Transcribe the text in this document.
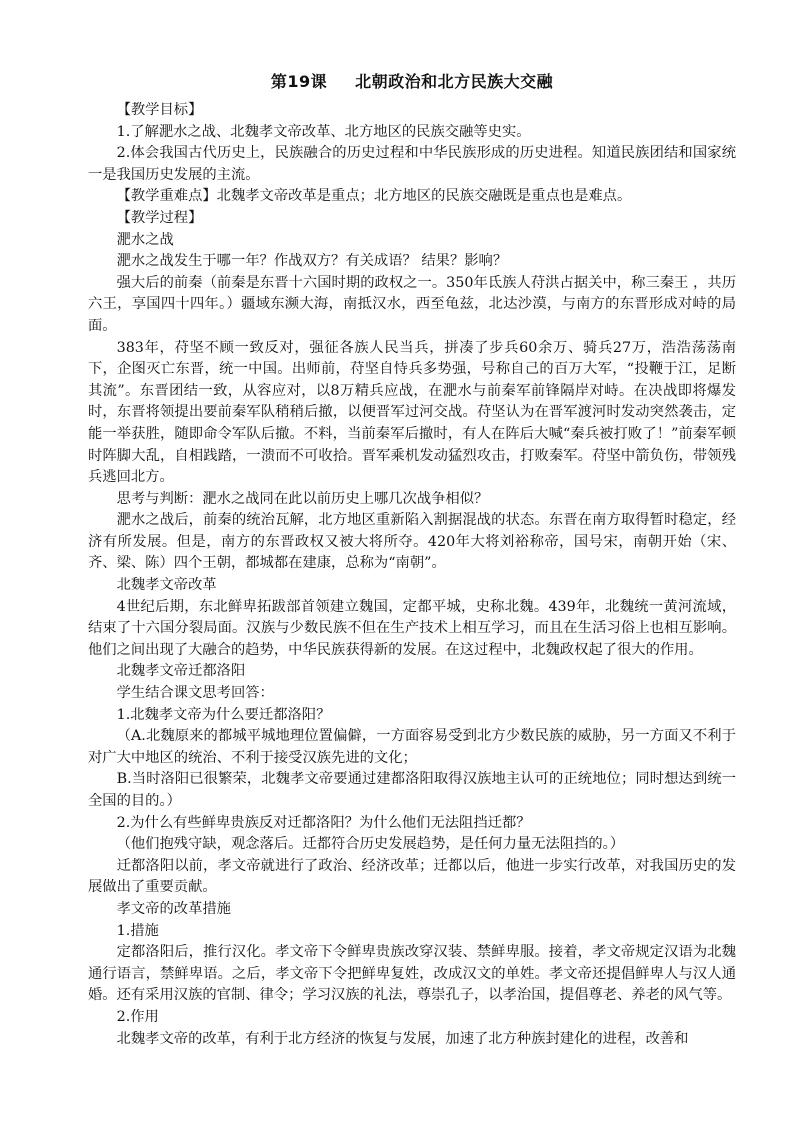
第19课 北朝政治和北方民族大交融

【教学目标】

1.了解淝水之战、北魏孝文帝改革、北方地区的民族交融等史实。

2.体会我国古代历史上，民族融合的历史过程和中华民族形成的历史进程。知道民族团结和国家统一是我国历史发展的主流。

【教学重难点】北魏孝文帝改革是重点；北方地区的民族交融既是重点也是难点。

【教学过程】

淝水之战

淝水之战发生于哪一年？作战双方？有关成语？ 结果？影响？

强大后的前秦（前秦是东晋十六国时期的政权之一。350年氐族人苻洪占据关中，称三秦王 ，共历六王，享国四十四年。）疆域东濒大海，南抵汉水，西至龟兹，北达沙漠，与南方的东晋形成对峙的局面。

383年，苻坚不顾一致反对，强征各族人民当兵，拼凑了步兵60余万、骑兵27万，浩浩荡荡南下，企图灭亡东晋，统一中国。出师前，苻坚自恃兵多势强，号称自己的百万大军，“投鞭于江，足断其流”。东晋团结一致，从容应对，以8万精兵应战，在淝水与前秦军前锋隔岸对峙。在决战即将爆发时，东晋将领提出要前秦军队稍稍后撤，以便晋军过河交战。苻坚认为在晋军渡河时发动突然袭击，定能一举获胜，随即命令军队后撤。不料，当前秦军后撤时，有人在阵后大喊“秦兵被打败了！”前秦军顿时阵脚大乱，自相践踏，一溃而不可收拾。晋军乘机发动猛烈攻击，打败秦军。苻坚中箭负伤，带领残兵逃回北方。

思考与判断：淝水之战同在此以前历史上哪几次战争相似？

淝水之战后，前秦的统治瓦解，北方地区重新陷入割据混战的状态。东晋在南方取得暂时稳定，经济有所发展。但是，南方的东晋政权又被大将所夺。420年大将刘裕称帝，国号宋，南朝开始（宋、齐、梁、陈）四个王朝，都城都在建康，总称为“南朝”。

北魏孝文帝改革

4世纪后期，东北鲜卑拓跋部首领建立魏国，定都平城，史称北魏。439年，北魏统一黄河流域，结束了十六国分裂局面。汉族与少数民族不但在生产技术上相互学习，而且在生活习俗上也相互影响。他们之间出现了大融合的趋势，中华民族获得新的发展。在这过程中，北魏政权起了很大的作用。

北魏孝文帝迁都洛阳

学生结合课文思考回答：

1.北魏孝文帝为什么要迁都洛阳？

（A.北魏原来的都城平城地理位置偏僻，一方面容易受到北方少数民族的威胁，另一方面又不利于对广大中地区的统治、不利于接受汉族先进的文化；

B.当时洛阳已很繁荣，北魏孝文帝要通过建都洛阳取得汉族地主认可的正统地位；同时想达到统一全国的目的。）

2.为什么有些鲜卑贵族反对迁都洛阳？为什么他们无法阻挡迁都？

（他们抱残守缺，观念落后。迁都符合历史发展趋势，是任何力量无法阻挡的。）

迁都洛阳以前，孝文帝就进行了政治、经济改革；迁都以后，他进一步实行改革，对我国历史的发展做出了重要贡献。

孝文帝的改革措施

1.措施

定都洛阳后，推行汉化。孝文帝下令鲜卑贵族改穿汉装、禁鲜卑服。接着，孝文帝规定汉语为北魏通行语言，禁鲜卑语。之后，孝文帝下令把鲜卑复姓，改成汉文的单姓。孝文帝还提倡鲜卑人与汉人通婚。还有采用汉族的官制、律令；学习汉族的礼法，尊崇孔子，以孝治国，提倡尊老、养老的风气等。

2.作用

北魏孝文帝的改革，有利于北方经济的恢复与发展，加速了北方种族封建化的进程，改善和
